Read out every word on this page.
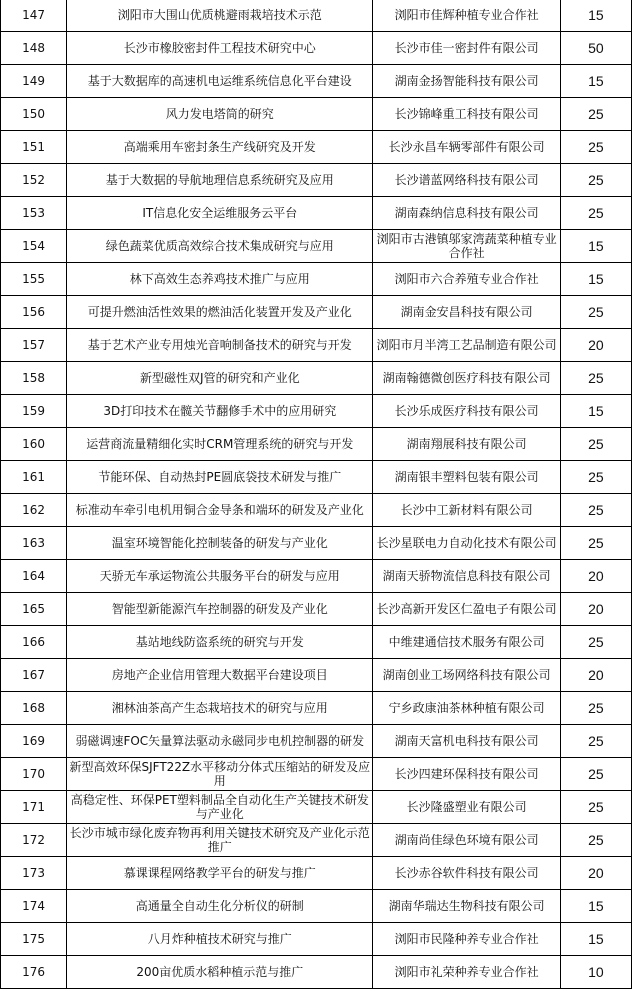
147	浏阳市大围山优质桃避雨栽培技术示范	浏阳市佳辉种植专业合作社	15
148	长沙市橡胶密封件工程技术研究中心	长沙市佳一密封件有限公司	50
149	基于大数据库的高速机电运维系统信息化平台建设	湖南金扬智能科技有限公司	15
150	风力发电塔筒的研究	长沙锦峰重工科技有限公司	25
151	高端乘用车密封条生产线研究及开发	长沙永昌车辆零部件有限公司	25
152	基于大数据的导航地理信息系统研究及应用	长沙谱蓝网络科技有限公司	25
153	IT信息化安全运维服务云平台	湖南森纳信息科技有限公司	25
154	绿色蔬菜优质高效综合技术集成研究与应用	浏阳市古港镇邬家湾蔬菜种植专业合作社	15
155	林下高效生态养鸡技术推广与应用	浏阳市六合养殖专业合作社	15
156	可提升燃油活性效果的燃油活化装置开发及产业化	湖南金安昌科技有限公司	25
157	基于艺术产业专用烛光音响制备技术的研究与开发	浏阳市月半湾工艺品制造有限公司	20
158	新型磁性双J管的研究和产业化	湖南翰德微创医疗科技有限公司	25
159	3D打印技术在髋关节翻修手术中的应用研究	长沙乐成医疗科技有限公司	15
160	运营商流量精细化实时CRM管理系统的研究与开发	湖南翔展科技有限公司	25
161	节能环保、自动热封PE圆底袋技术研发与推广	湖南银丰塑料包装有限公司	25
162	标准动车牵引电机用铜合金导条和端环的研发及产业化	长沙中工新材料有限公司	25
163	温室环境智能化控制装备的研发与产业化	长沙星联电力自动化技术有限公司	25
164	天骄无车承运物流公共服务平台的研发与应用	湖南天骄物流信息科技有限公司	20
165	智能型新能源汽车控制器的研发及产业化	长沙高新开发区仁盈电子有限公司	20
166	基站地线防盗系统的研究与开发	中维建通信技术服务有限公司	25
167	房地产企业信用管理大数据平台建设项目	湖南创业工场网络科技有限公司	20
168	湘林油茶高产生态栽培技术的研究与应用	宁乡政康油茶林种植有限公司	25
169	弱磁调速FOC矢量算法驱动永磁同步电机控制器的研发	湖南天富机电科技有限公司	25
170	新型高效环保SJFT22Z水平移动分体式压缩站的研发及应用	长沙四建环保科技有限公司	25
171	高稳定性、环保PET塑料制品全自动化生产关键技术研发与产业化	长沙隆盛塑业有限公司	25
172	长沙市城市绿化废弃物再利用关键技术研究及产业化示范推广	湖南尚佳绿色环境有限公司	25
173	慕课课程网络教学平台的研发与推广	长沙赤谷软件科技有限公司	20
174	高通量全自动生化分析仪的研制	湖南华瑞达生物科技有限公司	15
175	八月炸种植技术研究与推广	浏阳市民隆种养专业合作社	15
176	200亩优质水稻种植示范与推广	浏阳市礼荣种养专业合作社	10
